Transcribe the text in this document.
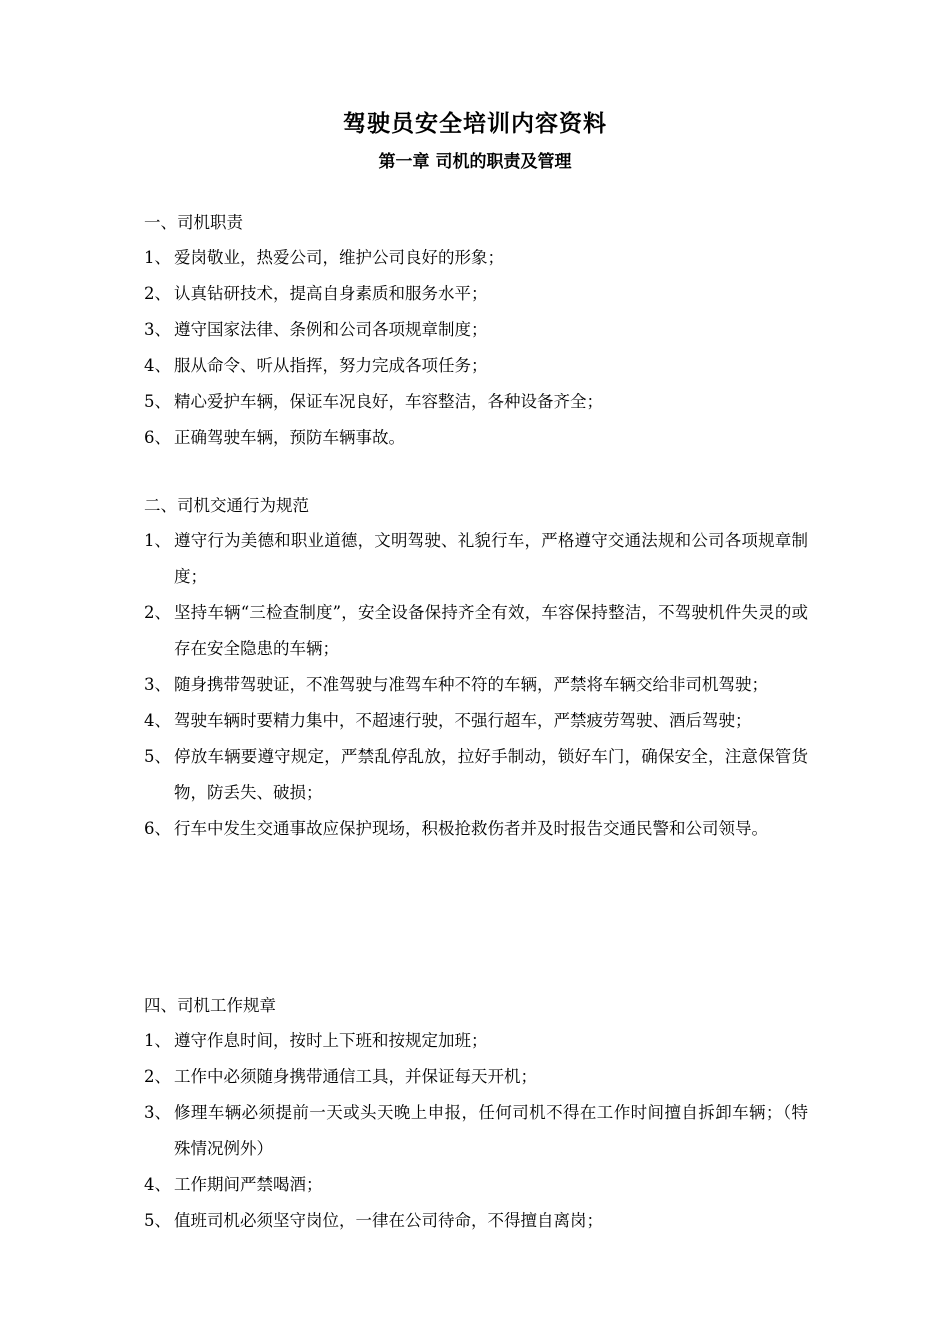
驾驶员安全培训内容资料
第一章 司机的职责及管理
一、司机职责
1、 爱岗敬业，热爱公司，维护公司良好的形象；
2、 认真钻研技术，提高自身素质和服务水平；
3、 遵守国家法律、条例和公司各项规章制度；
4、 服从命令、听从指挥，努力完成各项任务；
5、 精心爱护车辆，保证车况良好，车容整洁，各种设备齐全；
6、 正确驾驶车辆，预防车辆事故。
二、司机交通行为规范
1、 遵守行为美德和职业道德，文明驾驶、礼貌行车，严格遵守交通法规和公司各项规章制度；
2、 坚持车辆“三检查制度”，安全设备保持齐全有效，车容保持整洁，不驾驶机件失灵的或存在安全隐患的车辆；
3、 随身携带驾驶证，不准驾驶与准驾车种不符的车辆，严禁将车辆交给非司机驾驶；
4、 驾驶车辆时要精力集中，不超速行驶，不强行超车，严禁疲劳驾驶、酒后驾驶；
5、 停放车辆要遵守规定，严禁乱停乱放，拉好手制动，锁好车门，确保安全，注意保管货物，防丢失、破损；
6、 行车中发生交通事故应保护现场，积极抢救伤者并及时报告交通民警和公司领导。
四、司机工作规章
1、 遵守作息时间，按时上下班和按规定加班；
2、 工作中必须随身携带通信工具，并保证每天开机；
3、 修理车辆必须提前一天或头天晚上申报，任何司机不得在工作时间擅自拆卸车辆；（特殊情况例外）
4、 工作期间严禁喝酒；
5、 值班司机必须坚守岗位，一律在公司待命，不得擅自离岗；
